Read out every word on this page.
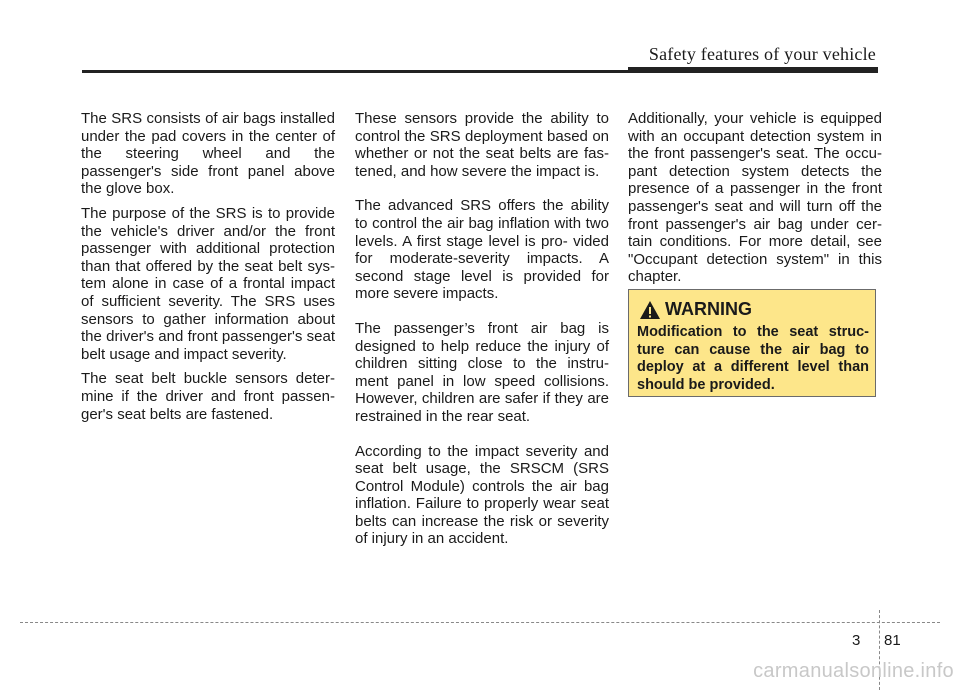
Safety features of your vehicle

The SRS consists of air bags installed under the pad covers in the center of the steering wheel and the passenger's side front panel above the glove box.

The purpose of the SRS is to provide the vehicle's driver and/or the front passenger with additional protection than that offered by the seat belt sys- tem alone in case of a frontal impact of sufficient severity. The SRS uses sensors to gather information about the driver's and front passenger's seat belt usage and impact severity.

The seat belt buckle sensors deter- mine if the driver and front passen- ger's seat belts are fastened.

These sensors provide the ability to control the SRS deployment based on whether or not the seat belts are fas- tened, and how severe the impact is.

The advanced SRS offers the ability to control the air bag inflation with two levels. A first stage level is pro- vided for moderate-severity impacts. A second stage level is provided for more severe impacts.

The passenger’s front air bag is designed to help reduce the injury of children sitting close to the instru- ment panel in low speed collisions. However, children are safer if they are restrained in the rear seat.

According to the impact severity and seat belt usage, the SRSCM (SRS Control Module) controls the air bag inflation. Failure to properly wear seat belts can increase the risk or severity of injury in an accident.

Additionally, your vehicle is equipped with an occupant detection system in the front passenger's seat. The occu- pant detection system detects the presence of a passenger in the front passenger's seat and will turn off the front passenger's air bag under cer- tain conditions. For more detail, see "Occupant detection system" in this chapter.

WARNING
Modification to the seat struc- ture can cause the air bag to deploy at a different level than should be provided.
3 81
carmanualsonline.info
